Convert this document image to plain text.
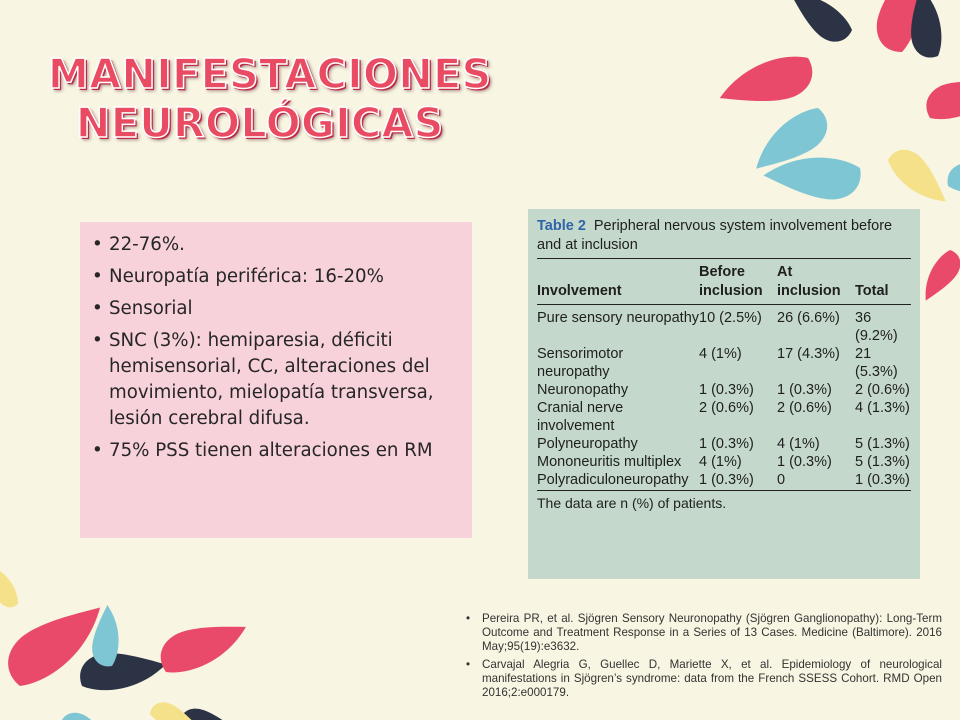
MANIFESTACIONES
NEUROLÓGICAS
• 22-76%.
• Neuropatía periférica: 16-20%
• Sensorial
• SNC (3%): hemiparesia, déficiti hemisensorial, CC, alteraciones del movimiento, mielopatía transversa, lesión cerebral difusa.
• 75% PSS tienen alteraciones en RM

Table 2 Peripheral nervous system involvement before and at inclusion

Involvement	Before inclusion	At inclusion	Total
Pure sensory neuropathy	10 (2.5%)	26 (6.6%)	36 (9.2%)
Sensorimotor neuropathy	4 (1%)	17 (4.3%)	21 (5.3%)
Neuronopathy	1 (0.3%)	1 (0.3%)	2 (0.6%)
Cranial nerve involvement	2 (0.6%)	2 (0.6%)	4 (1.3%)
Polyneuropathy	1 (0.3%)	4 (1%)	5 (1.3%)
Mononeuritis multiplex	4 (1%)	1 (0.3%)	5 (1.3%)
Polyradiculoneuropathy	1 (0.3%)	0	1 (0.3%)

The data are n (%) of patients.

• Pereira PR, et al. Sjögren Sensory Neuronopathy (Sjögren Ganglionopathy): Long-Term Outcome and Treatment Response in a Series of 13 Cases. Medicine (Baltimore). 2016 May;95(19):e3632.
• Carvajal Alegria G, Guellec D, Mariette X, et al. Epidemiology of neurological manifestations in Sjögren’s syndrome: data from the French SSESS Cohort. RMD Open 2016;2:e000179.
